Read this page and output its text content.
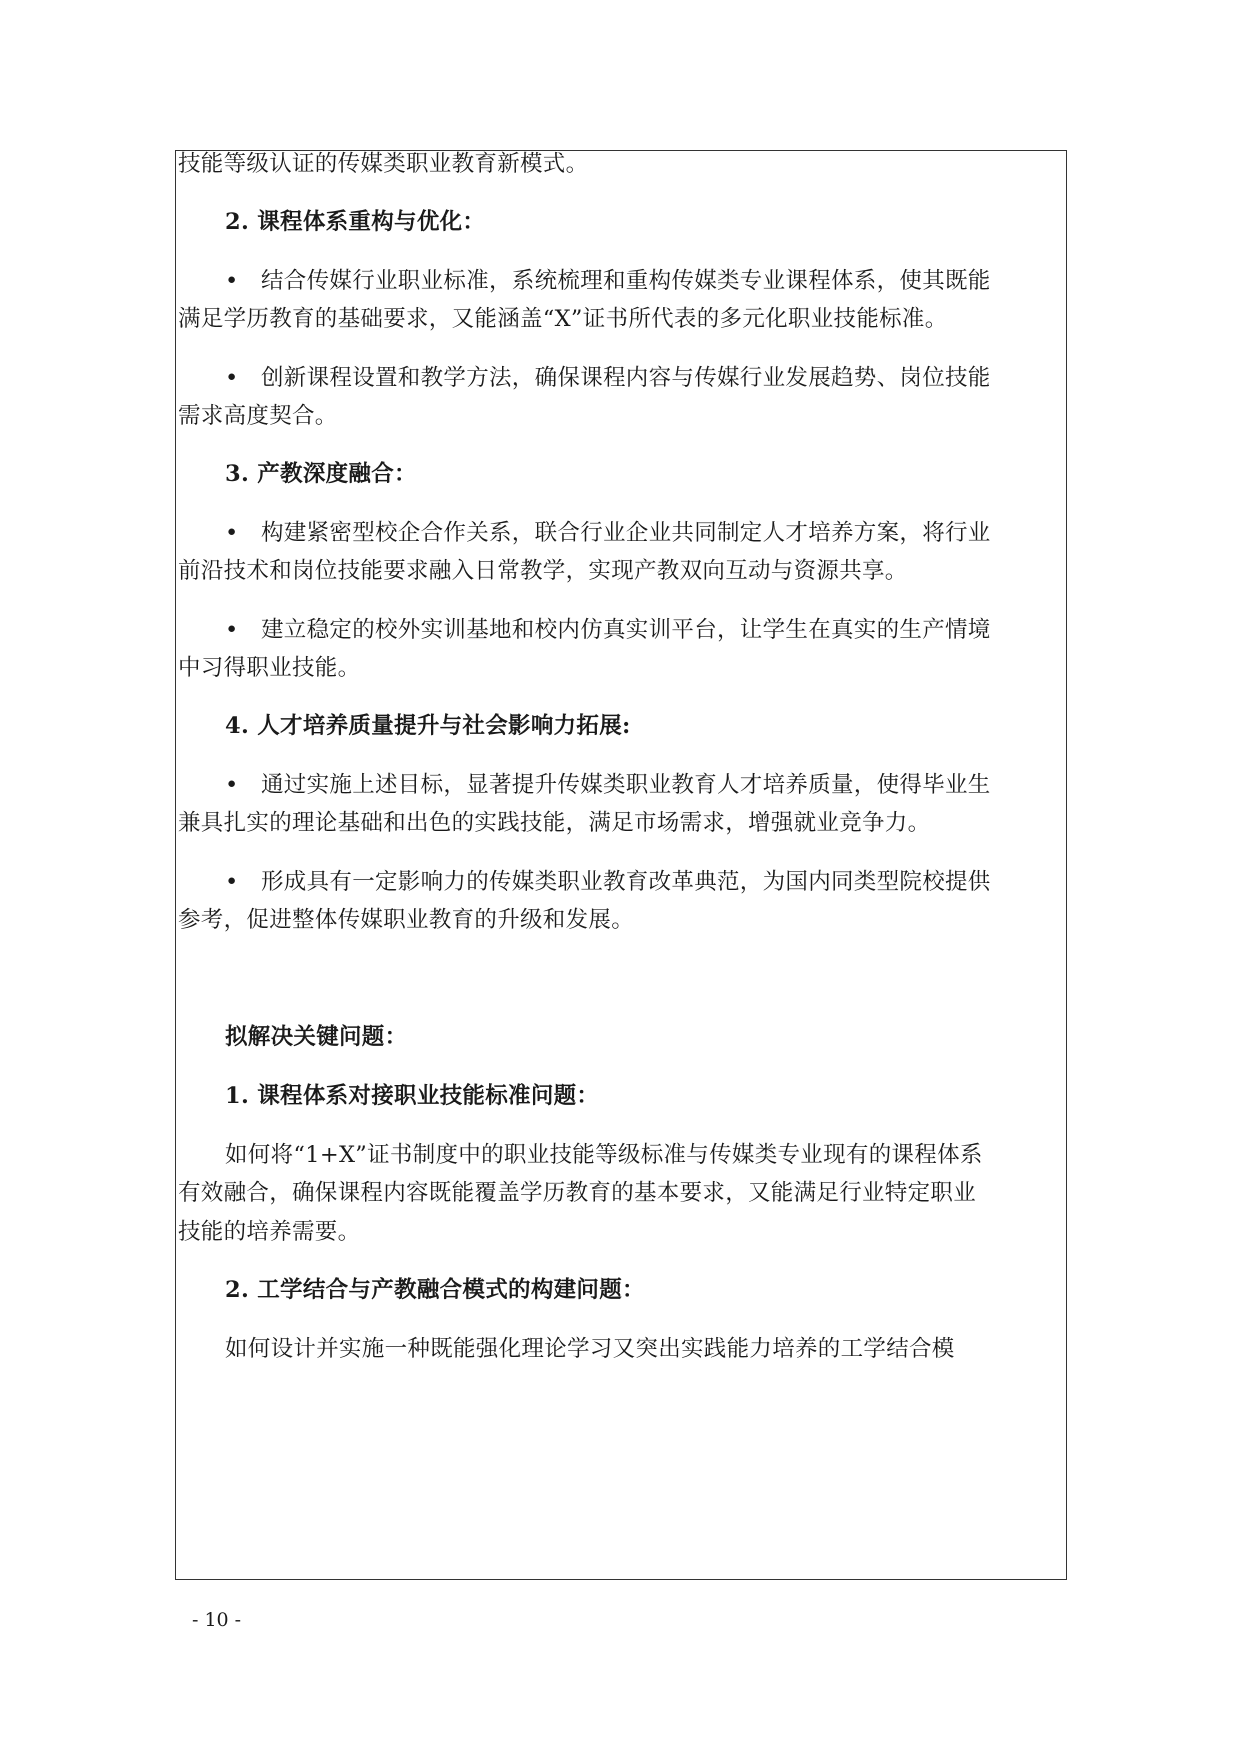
技能等级认证的传媒类职业教育新模式。
2. 课程体系重构与优化：
• 结合传媒行业职业标准，系统梳理和重构传媒类专业课程体系，使其既能
满足学历教育的基础要求，又能涵盖“X”证书所代表的多元化职业技能标准。
• 创新课程设置和教学方法，确保课程内容与传媒行业发展趋势、岗位技能
需求高度契合。
3. 产教深度融合：
• 构建紧密型校企合作关系，联合行业企业共同制定人才培养方案，将行业
前沿技术和岗位技能要求融入日常教学，实现产教双向互动与资源共享。
• 建立稳定的校外实训基地和校内仿真实训平台，让学生在真实的生产情境
中习得职业技能。
4. 人才培养质量提升与社会影响力拓展:
• 通过实施上述目标，显著提升传媒类职业教育人才培养质量，使得毕业生
兼具扎实的理论基础和出色的实践技能，满足市场需求，增强就业竞争力。
• 形成具有一定影响力的传媒类职业教育改革典范，为国内同类型院校提供
参考，促进整体传媒职业教育的升级和发展。
拟解决关键问题：
1. 课程体系对接职业技能标准问题：
如何将“1+X”证书制度中的职业技能等级标准与传媒类专业现有的课程体系
有效融合，确保课程内容既能覆盖学历教育的基本要求，又能满足行业特定职业
技能的培养需要。
2. 工学结合与产教融合模式的构建问题：
如何设计并实施一种既能强化理论学习又突出实践能力培养的工学结合模
- 10 -
